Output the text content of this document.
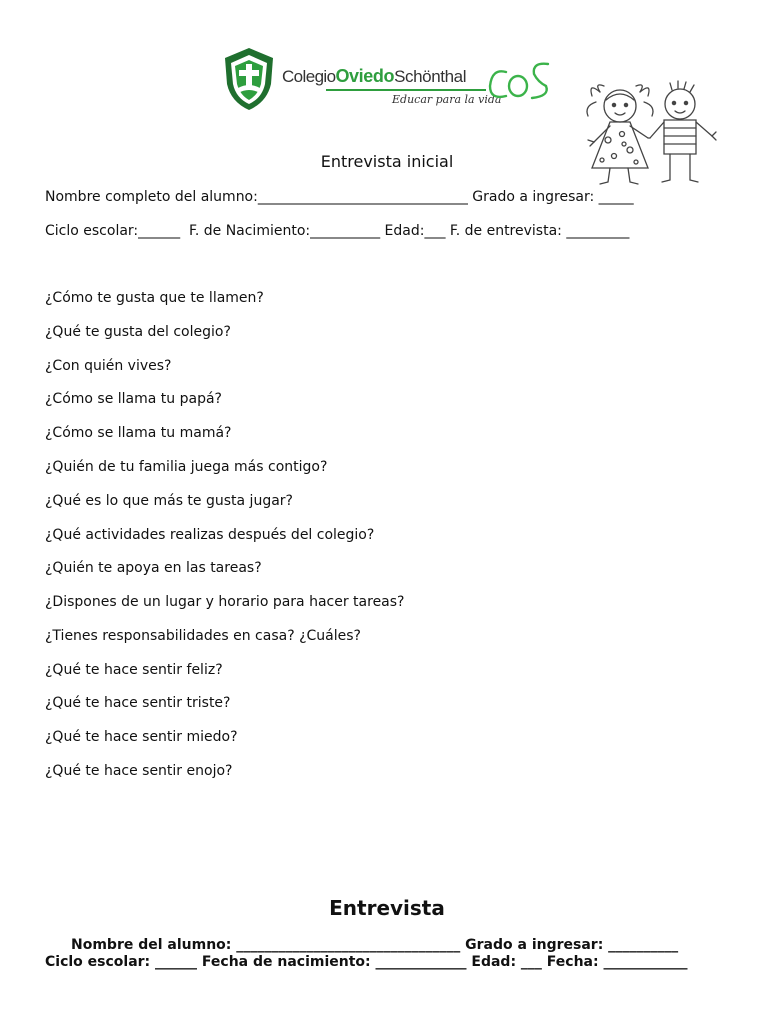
ColegioOviedoSchönthal
Educar para la vida
Entrevista inicial
Nombre completo del alumno:______________________________ Grado a ingresar: _____
Ciclo escolar:______  F. de Nacimiento:__________ Edad:___ F. de entrevista: _________
¿Cómo te gusta que te llamen?
¿Qué te gusta del colegio?
¿Con quién vives?
¿Cómo se llama tu papá?
¿Cómo se llama tu mamá?
¿Quién de tu familia juega más contigo?
¿Qué es lo que más te gusta jugar?
¿Qué actividades realizas después del colegio?
¿Quién te apoya en las tareas?
¿Dispones de un lugar y horario para hacer tareas?
¿Tienes responsabilidades en casa? ¿Cuáles?
¿Qué te hace sentir feliz?
¿Qué te hace sentir triste?
¿Qué te hace sentir miedo?
¿Qué te hace sentir enojo?
Entrevista
Nombre del alumno: ________________________________ Grado a ingresar: __________
Ciclo escolar: ______ Fecha de nacimiento: _____________ Edad: ___ Fecha: ____________
